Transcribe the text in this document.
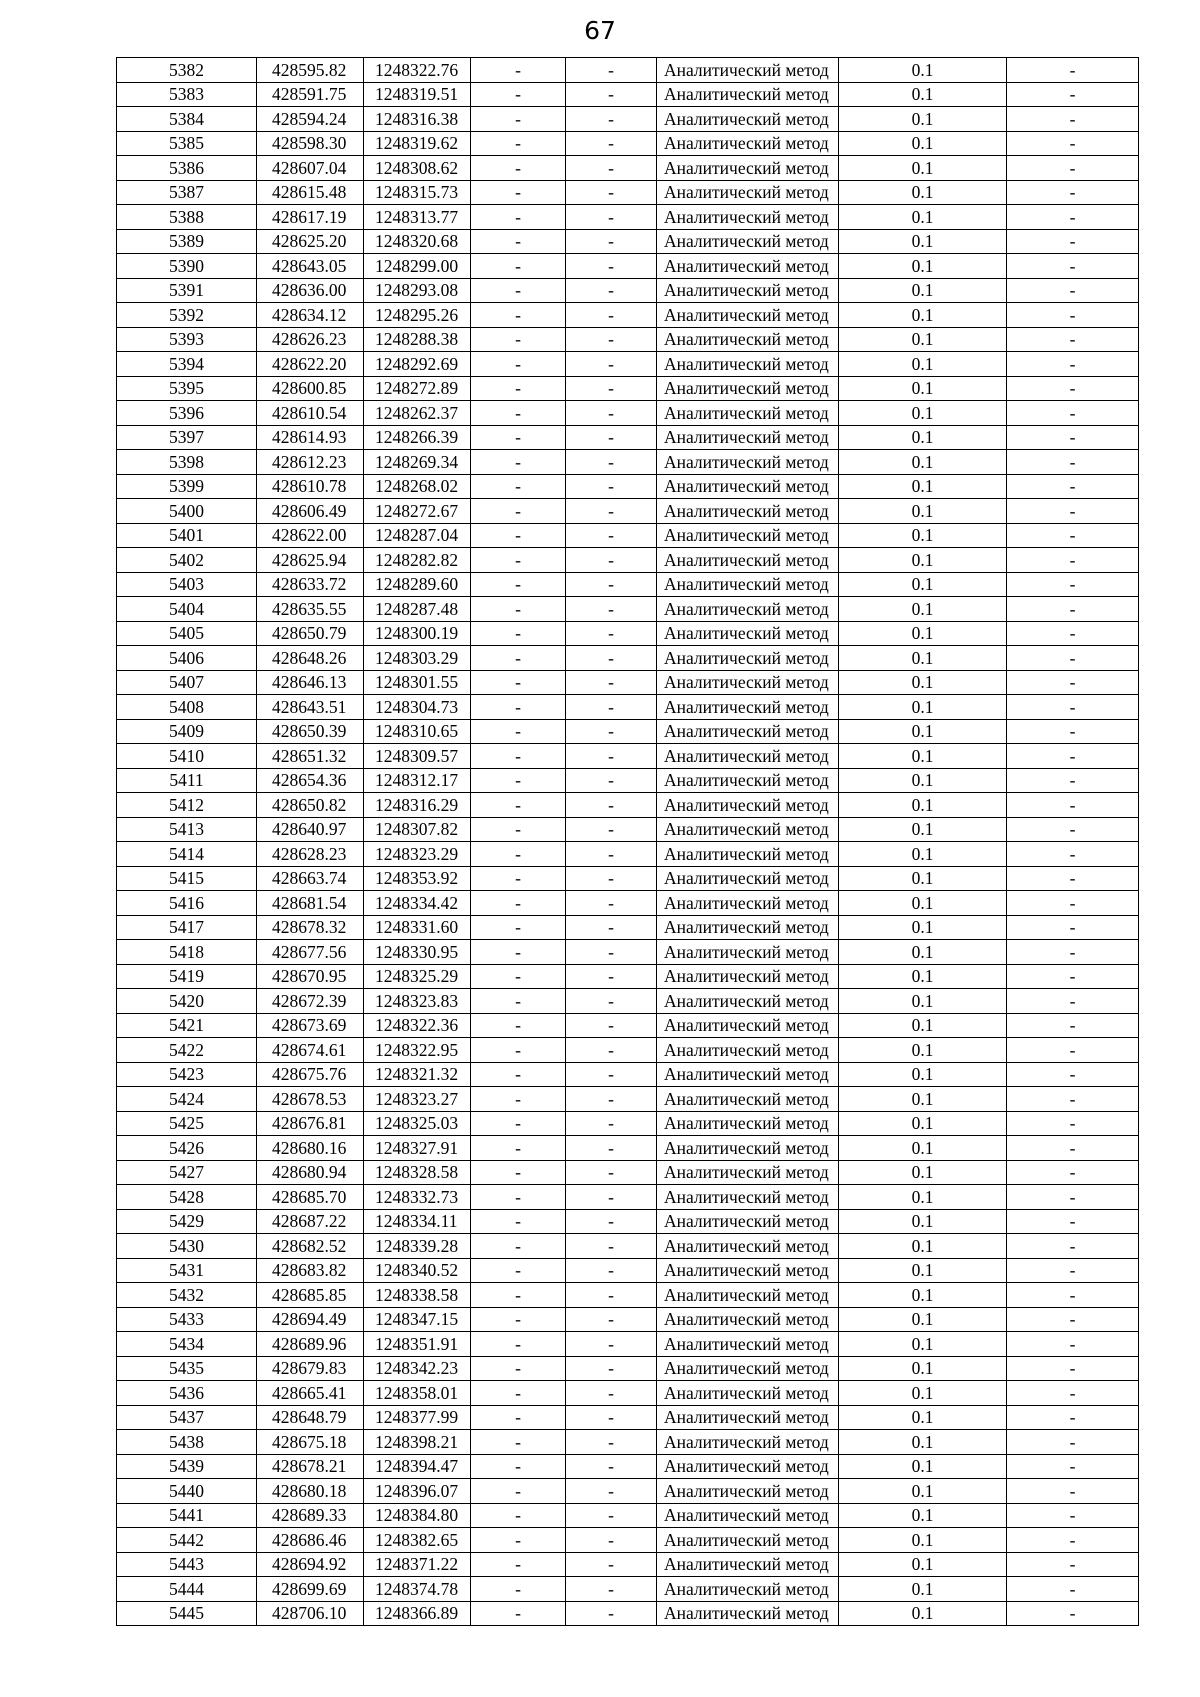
67
5382	428595.82	1248322.76	-	-	Аналитический метод	0.1	-
5383	428591.75	1248319.51	-	-	Аналитический метод	0.1	-
5384	428594.24	1248316.38	-	-	Аналитический метод	0.1	-
5385	428598.30	1248319.62	-	-	Аналитический метод	0.1	-
5386	428607.04	1248308.62	-	-	Аналитический метод	0.1	-
5387	428615.48	1248315.73	-	-	Аналитический метод	0.1	-
5388	428617.19	1248313.77	-	-	Аналитический метод	0.1	-
5389	428625.20	1248320.68	-	-	Аналитический метод	0.1	-
5390	428643.05	1248299.00	-	-	Аналитический метод	0.1	-
5391	428636.00	1248293.08	-	-	Аналитический метод	0.1	-
5392	428634.12	1248295.26	-	-	Аналитический метод	0.1	-
5393	428626.23	1248288.38	-	-	Аналитический метод	0.1	-
5394	428622.20	1248292.69	-	-	Аналитический метод	0.1	-
5395	428600.85	1248272.89	-	-	Аналитический метод	0.1	-
5396	428610.54	1248262.37	-	-	Аналитический метод	0.1	-
5397	428614.93	1248266.39	-	-	Аналитический метод	0.1	-
5398	428612.23	1248269.34	-	-	Аналитический метод	0.1	-
5399	428610.78	1248268.02	-	-	Аналитический метод	0.1	-
5400	428606.49	1248272.67	-	-	Аналитический метод	0.1	-
5401	428622.00	1248287.04	-	-	Аналитический метод	0.1	-
5402	428625.94	1248282.82	-	-	Аналитический метод	0.1	-
5403	428633.72	1248289.60	-	-	Аналитический метод	0.1	-
5404	428635.55	1248287.48	-	-	Аналитический метод	0.1	-
5405	428650.79	1248300.19	-	-	Аналитический метод	0.1	-
5406	428648.26	1248303.29	-	-	Аналитический метод	0.1	-
5407	428646.13	1248301.55	-	-	Аналитический метод	0.1	-
5408	428643.51	1248304.73	-	-	Аналитический метод	0.1	-
5409	428650.39	1248310.65	-	-	Аналитический метод	0.1	-
5410	428651.32	1248309.57	-	-	Аналитический метод	0.1	-
5411	428654.36	1248312.17	-	-	Аналитический метод	0.1	-
5412	428650.82	1248316.29	-	-	Аналитический метод	0.1	-
5413	428640.97	1248307.82	-	-	Аналитический метод	0.1	-
5414	428628.23	1248323.29	-	-	Аналитический метод	0.1	-
5415	428663.74	1248353.92	-	-	Аналитический метод	0.1	-
5416	428681.54	1248334.42	-	-	Аналитический метод	0.1	-
5417	428678.32	1248331.60	-	-	Аналитический метод	0.1	-
5418	428677.56	1248330.95	-	-	Аналитический метод	0.1	-
5419	428670.95	1248325.29	-	-	Аналитический метод	0.1	-
5420	428672.39	1248323.83	-	-	Аналитический метод	0.1	-
5421	428673.69	1248322.36	-	-	Аналитический метод	0.1	-
5422	428674.61	1248322.95	-	-	Аналитический метод	0.1	-
5423	428675.76	1248321.32	-	-	Аналитический метод	0.1	-
5424	428678.53	1248323.27	-	-	Аналитический метод	0.1	-
5425	428676.81	1248325.03	-	-	Аналитический метод	0.1	-
5426	428680.16	1248327.91	-	-	Аналитический метод	0.1	-
5427	428680.94	1248328.58	-	-	Аналитический метод	0.1	-
5428	428685.70	1248332.73	-	-	Аналитический метод	0.1	-
5429	428687.22	1248334.11	-	-	Аналитический метод	0.1	-
5430	428682.52	1248339.28	-	-	Аналитический метод	0.1	-
5431	428683.82	1248340.52	-	-	Аналитический метод	0.1	-
5432	428685.85	1248338.58	-	-	Аналитический метод	0.1	-
5433	428694.49	1248347.15	-	-	Аналитический метод	0.1	-
5434	428689.96	1248351.91	-	-	Аналитический метод	0.1	-
5435	428679.83	1248342.23	-	-	Аналитический метод	0.1	-
5436	428665.41	1248358.01	-	-	Аналитический метод	0.1	-
5437	428648.79	1248377.99	-	-	Аналитический метод	0.1	-
5438	428675.18	1248398.21	-	-	Аналитический метод	0.1	-
5439	428678.21	1248394.47	-	-	Аналитический метод	0.1	-
5440	428680.18	1248396.07	-	-	Аналитический метод	0.1	-
5441	428689.33	1248384.80	-	-	Аналитический метод	0.1	-
5442	428686.46	1248382.65	-	-	Аналитический метод	0.1	-
5443	428694.92	1248371.22	-	-	Аналитический метод	0.1	-
5444	428699.69	1248374.78	-	-	Аналитический метод	0.1	-
5445	428706.10	1248366.89	-	-	Аналитический метод	0.1	-
